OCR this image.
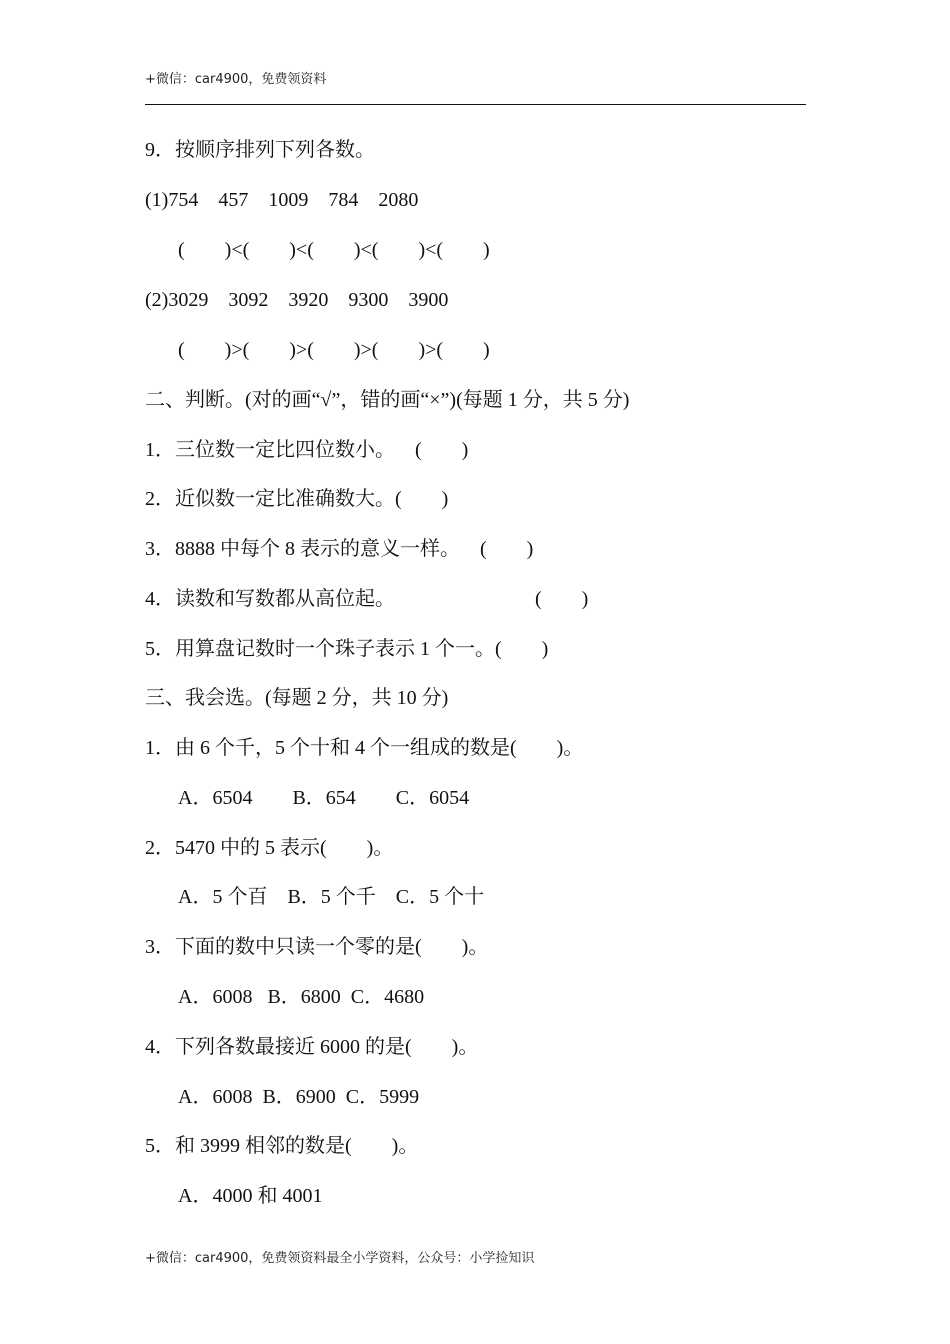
+微信：car4900，免费领资料
9．按顺序排列下列各数。
(1)754    457    1009    784    2080
(        )<(        )<(        )<(        )<(        )
(2)3029    3092    3920    9300    3900
(        )>(        )>(        )>(        )>(        )
二、判断。(对的画“√”，错的画“×”)(每题 1 分，共 5 分)
1．三位数一定比四位数小。    (        )
2．近似数一定比准确数大。(        )
3．8888 中每个 8 表示的意义一样。    (        )
4．读数和写数都从高位起。                            (        )
5．用算盘记数时一个珠子表示 1 个一。(        )
三、我会选。(每题 2 分，共 10 分)
1．由 6 个千，5 个十和 4 个一组成的数是(        )。
A．6504        B．654        C．6054
2．5470 中的 5 表示(        )。
A．5 个百    B．5 个千    C．5 个十
3．下面的数中只读一个零的是(        )。
A．6008   B．6800  C．4680
4．下列各数最接近 6000 的是(        )。
A．6008  B．6900  C．5999
5．和 3999 相邻的数是(        )。
A．4000 和 4001
+微信：car4900，免费领资料最全小学资料，公众号：小学捡知识
